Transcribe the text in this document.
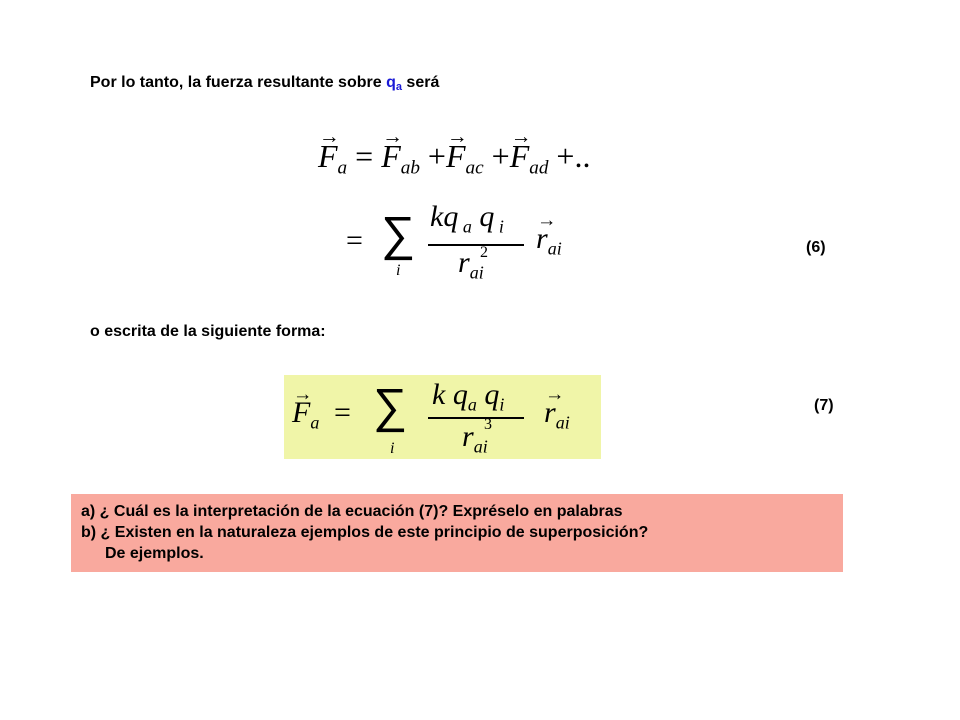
Por lo tanto, la fuerza resultante sobre qa será
→ $F_a$ = → $F_{ab} +\to F_{ac} +\to F_{ad}$ +..
= ∑
i
kq $_a$ q $_i$
$r_{ai}$
2
→ $r_{ai}$	(6)
o escrita de la siguiente forma:
→ $F_a$ = ∑
i
k $q_a$ $q_i$
$r_{ai}$
3
→ $r_{ai}$
(7)
a) ¿ Cuál es la interpretación de la ecuación (7)? Expréselo en palabras
b) ¿ Existen en la naturaleza ejemplos de este principio de superposición?
De ejemplos.
